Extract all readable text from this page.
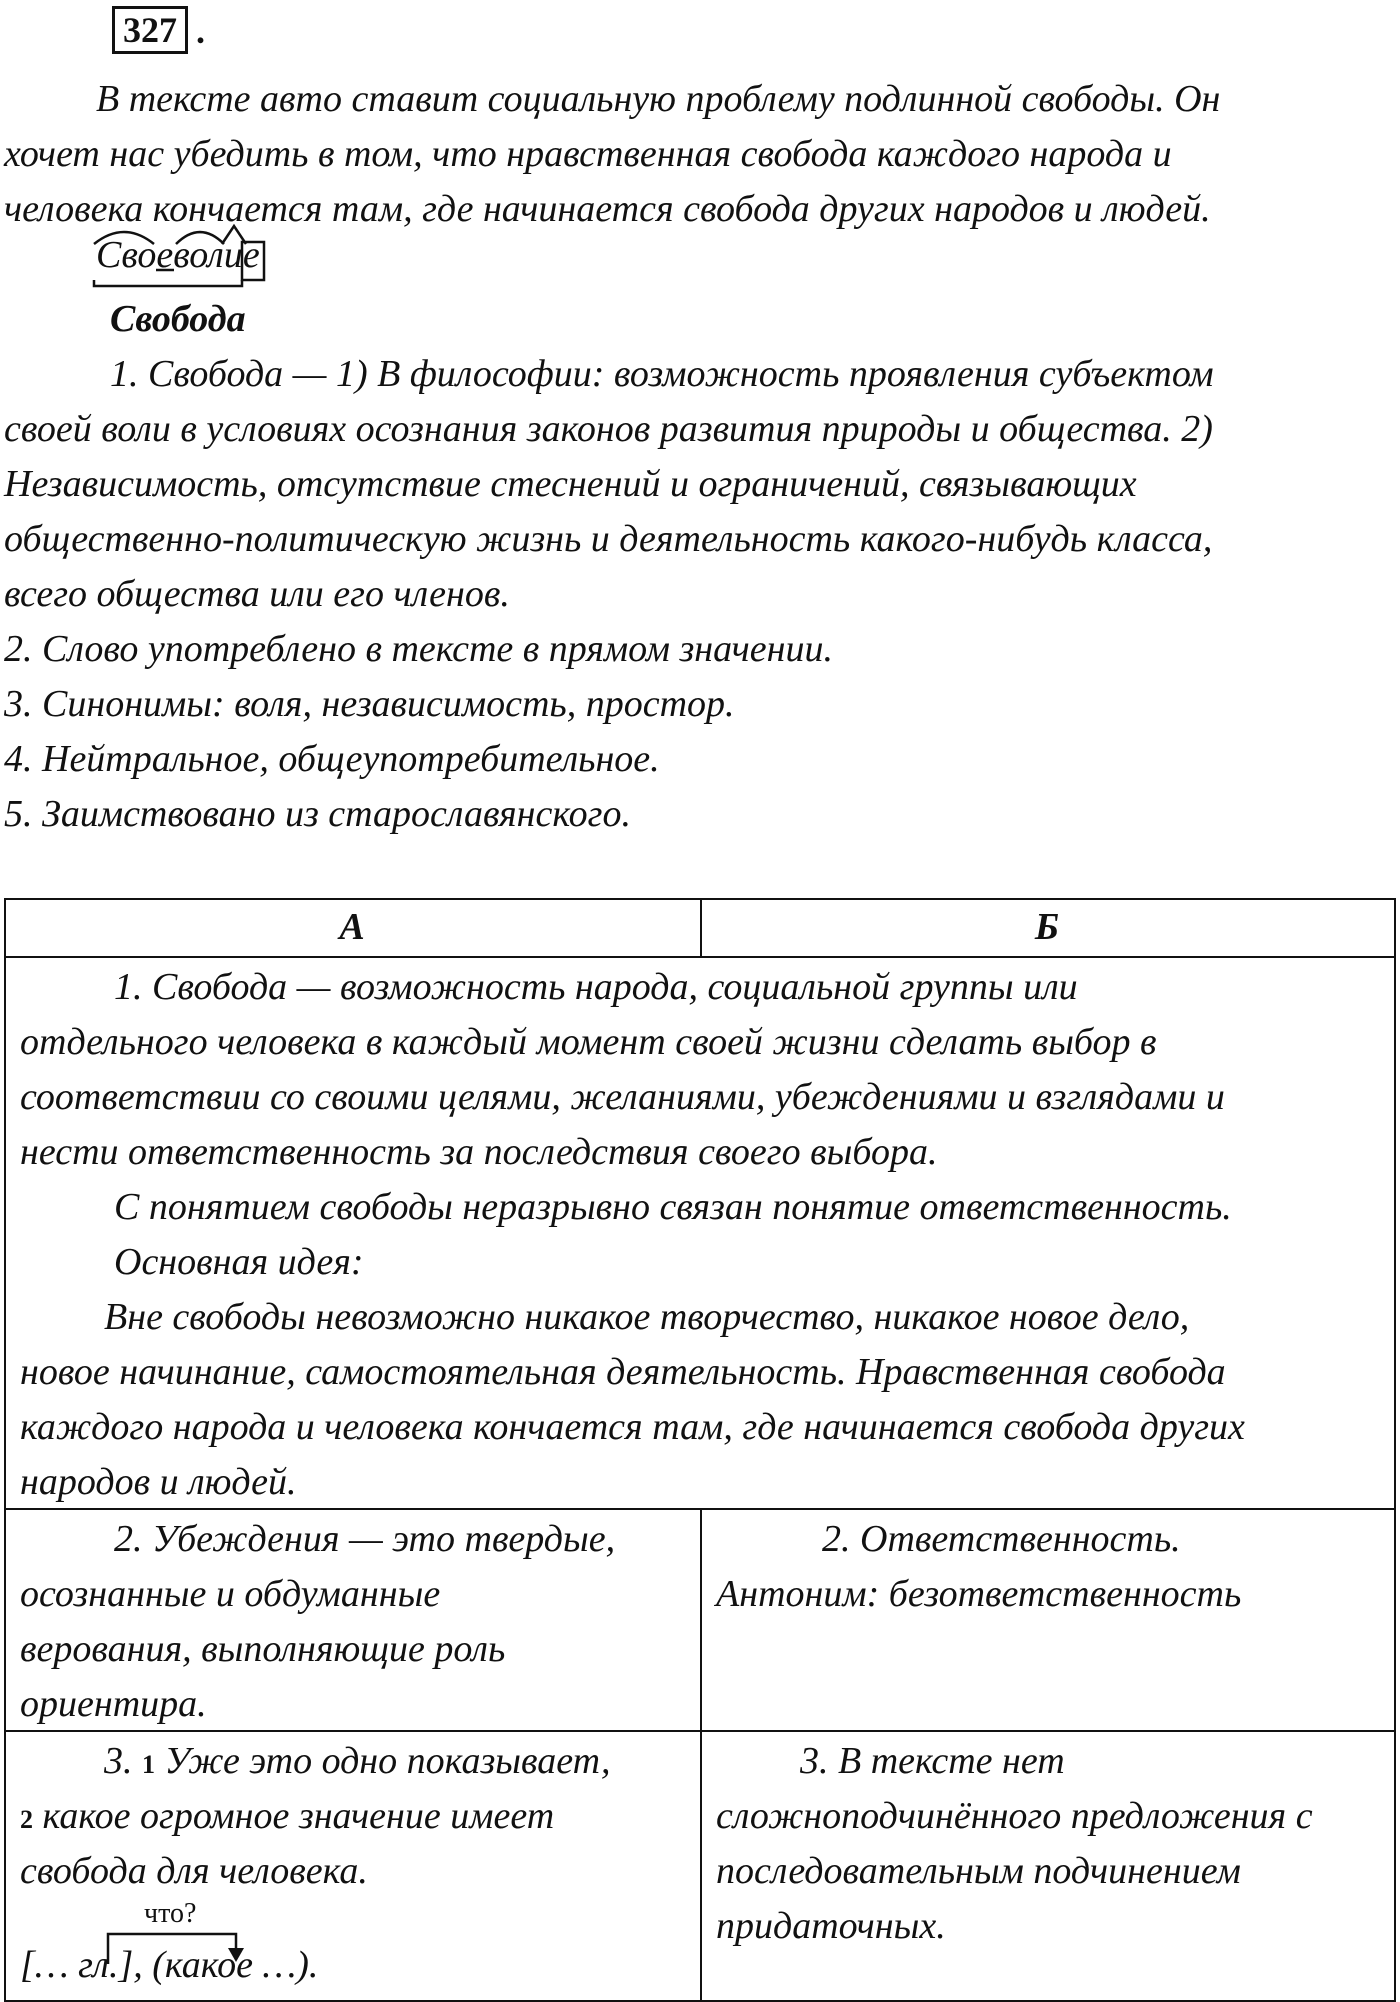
327 .
В тексте авто ставит социальную проблему подлинной свободы. Он
хочет нас убедить в том, что нравственная свобода каждого народа и
человека кончается там, где начинается свобода других народов и людей.
Своеволие
Свобода
1. Свобода — 1) В философии: возможность проявления субъектом
своей воли в условиях осознания законов развития природы и общества. 2)
Независимость, отсутствие стеснений и ограничений, связывающих
общественно-политическую жизнь и деятельность какого-нибудь класса,
всего общества или его членов.
2. Слово употреблено в тексте в прямом значении.
3. Синонимы: воля, независимость, простор.
4. Нейтральное, общеупотребительное.
5. Заимствовано из старославянского.
А	Б
1. Свобода — возможность народа, социальной группы или
отдельного человека в каждый момент своей жизни сделать выбор в
соответствии со своими целями, желаниями, убеждениями и взглядами и
нести ответственность за последствия своего выбора.
С понятием свободы неразрывно связан понятие ответственность.
Основная идея:
Вне свободы невозможно никакое творчество, никакое новое дело,
новое начинание, самостоятельная деятельность. Нравственная свобода
каждого народа и человека кончается там, где начинается свобода других
народов и людей.
2. Убеждения — это твердые,
осознанные и обдуманные
верования, выполняющие роль
ориентира.
2. Ответственность.
Антоним: безответственность
3. 1 Уже это одно показывает,
2 какое огромное значение имеет
свобода для человека.
что?
[… гл.], (какое …).
3. В тексте нет
сложноподчинённого предложения с
последовательным подчинением
придаточных.
